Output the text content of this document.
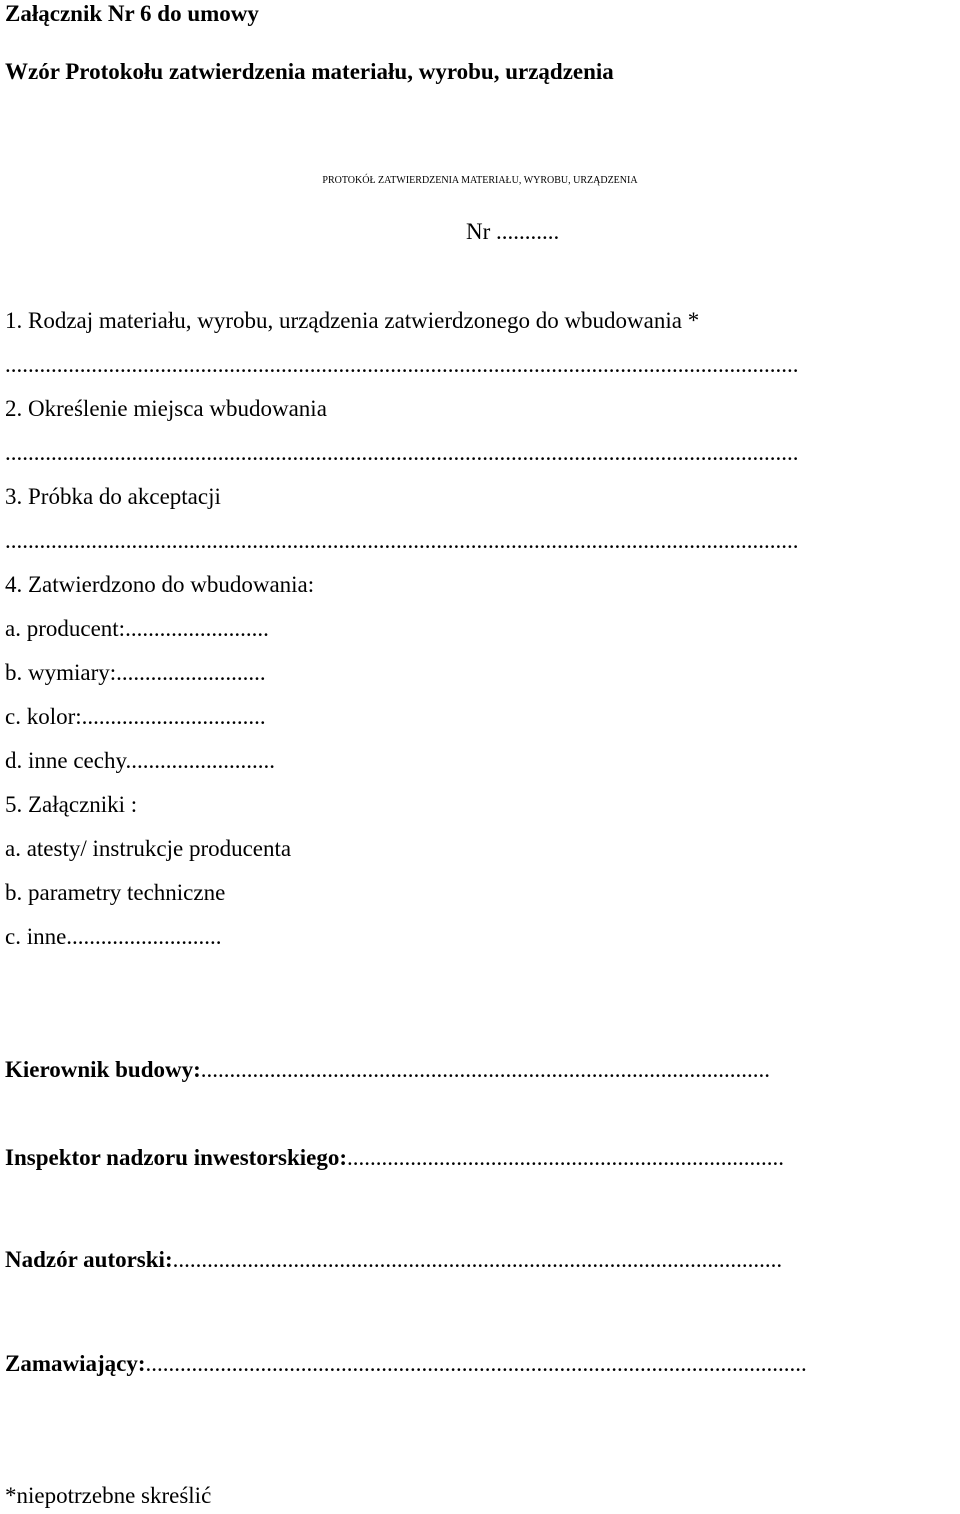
Załącznik Nr 6 do umowy
Wzór Protokołu zatwierdzenia materiału, wyrobu, urządzenia
PROTOKÓŁ ZATWIERDZENIA MATERIAŁU, WYROBU, URZĄDZENIA
Nr ...........
1. Rodzaj materiału, wyrobu, urządzenia zatwierdzonego do wbudowania *
..........................................................................................................................................
2. Określenie miejsca wbudowania
..........................................................................................................................................
3. Próbka do akceptacji
..........................................................................................................................................
4. Zatwierdzono do wbudowania:
a. producent:.........................
b. wymiary:..........................
c. kolor:................................
d. inne cechy..........................
5. Załączniki :
a. atesty/ instrukcje producenta
b. parametry techniczne
c. inne...........................
Kierownik budowy:...................................................................................................
Inspektor nadzoru inwestorskiego:............................................................................
Nadzór autorski:..........................................................................................................
Zamawiający:...................................................................................................................
*niepotrzebne skreślić
